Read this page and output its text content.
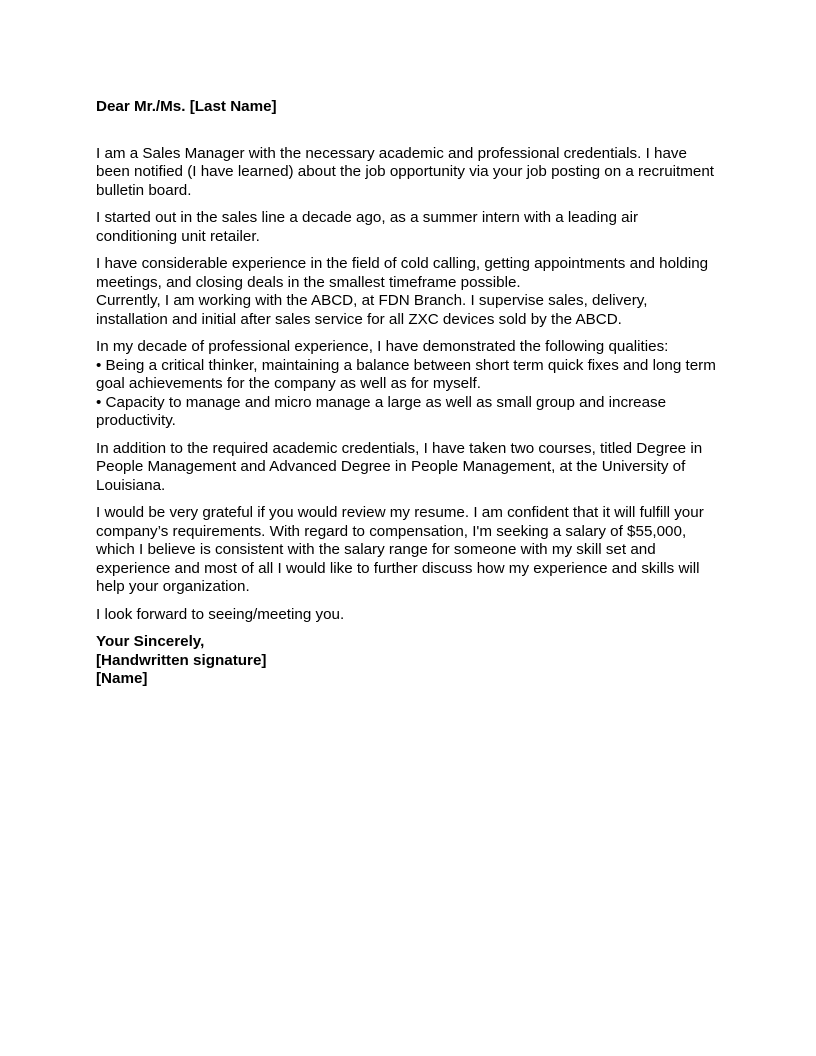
Dear Mr./Ms. [Last Name]
I am a Sales Manager with the necessary academic and professional credentials. I have been notified (I have learned) about the job opportunity via your job posting on a recruitment bulletin board.
I started out in the sales line a decade ago, as a summer intern with a leading air conditioning unit retailer.
I have considerable experience in the field of cold calling, getting appointments and holding meetings, and closing deals in the smallest timeframe possible.
Currently, I am working with the ABCD, at FDN Branch. I supervise sales, delivery, installation and initial after sales service for all ZXC devices sold by the ABCD.
In my decade of professional experience, I have demonstrated the following qualities:
• Being a critical thinker, maintaining a balance between short term quick fixes and long term goal achievements for the company as well as for myself.
• Capacity to manage and micro manage a large as well as small group and increase productivity.
In addition to the required academic credentials, I have taken two courses, titled Degree in People Management and Advanced Degree in People Management, at the University of Louisiana.
I would be very grateful if you would review my resume. I am confident that it will fulfill your company’s requirements. With regard to compensation, I'm seeking a salary of $55,000, which I believe is consistent with the salary range for someone with my skill set and experience and most of all I would like to further discuss how my experience and skills will help your organization.
I look forward to seeing/meeting you.
Your Sincerely,
[Handwritten signature]
[Name]
